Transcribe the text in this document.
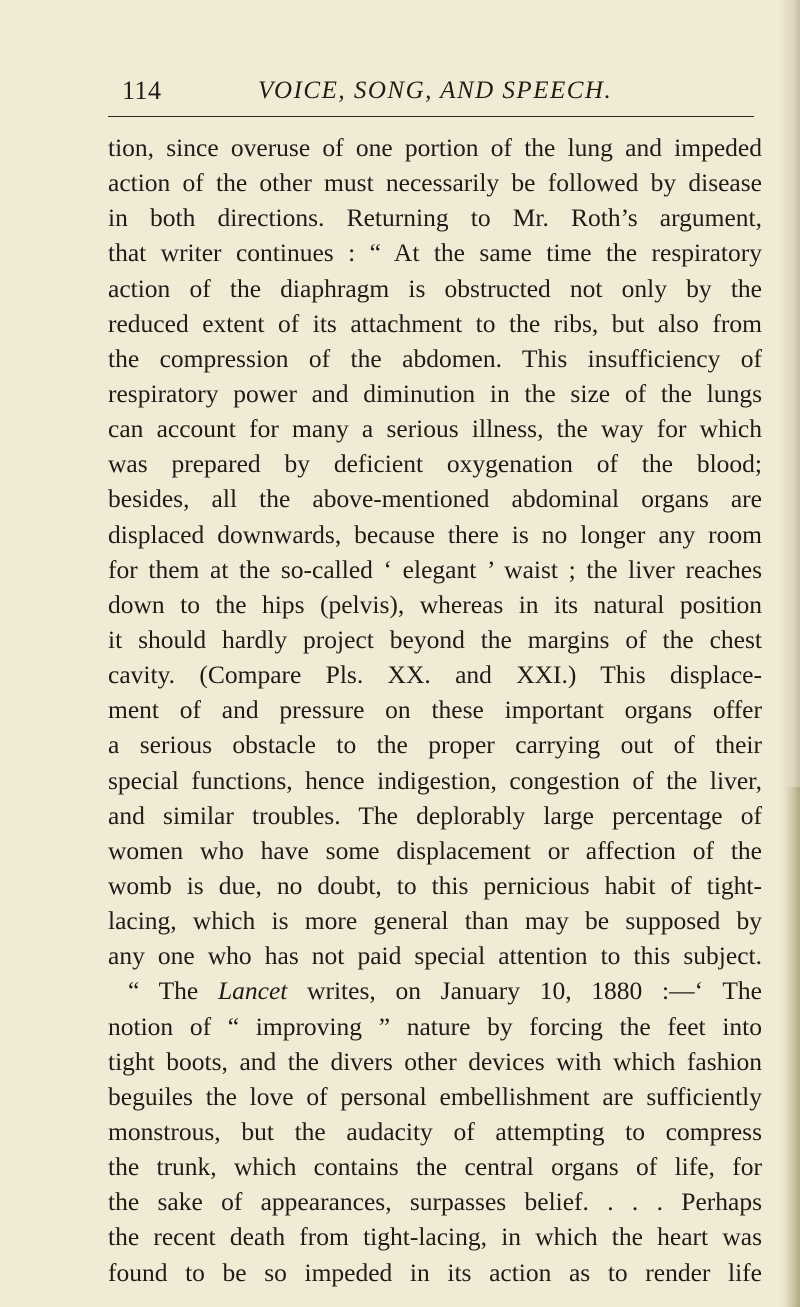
114	VOICE, SONG, AND SPEECH.
tion, since overuse of one portion of the lung and impeded
action of the other must necessarily be followed by disease
in both directions. Returning to Mr. Roth’s argument,
that writer continues : “ At the same time the respiratory
action of the diaphragm is obstructed not only by the
reduced extent of its attachment to the ribs, but also from
the compression of the abdomen. This insufficiency of
respiratory power and diminution in the size of the lungs
can account for many a serious illness, the way for which
was prepared by deficient oxygenation of the blood;
besides, all the above-mentioned abdominal organs are
displaced downwards, because there is no longer any room
for them at the so-called ‘ elegant ’ waist ; the liver reaches
down to the hips (pelvis), whereas in its natural position
it should hardly project beyond the margins of the chest
cavity. (Compare Pls. XX. and XXI.) This displace-
ment of and pressure on these important organs offer
a serious obstacle to the proper carrying out of their
special functions, hence indigestion, congestion of the liver,
and similar troubles. The deplorably large percentage of
women who have some displacement or affection of the
womb is due, no doubt, to this pernicious habit of tight-
lacing, which is more general than may be supposed by
any one who has not paid special attention to this subject.
“ The Lancet writes, on January 10, 1880 :—‘ The
notion of “ improving ” nature by forcing the feet into
tight boots, and the divers other devices with which fashion
beguiles the love of personal embellishment are sufficiently
monstrous, but the audacity of attempting to compress
the trunk, which contains the central organs of life, for
the sake of appearances, surpasses belief. . . . Perhaps
the recent death from tight-lacing, in which the heart was
found to be so impeded in its action as to render life
